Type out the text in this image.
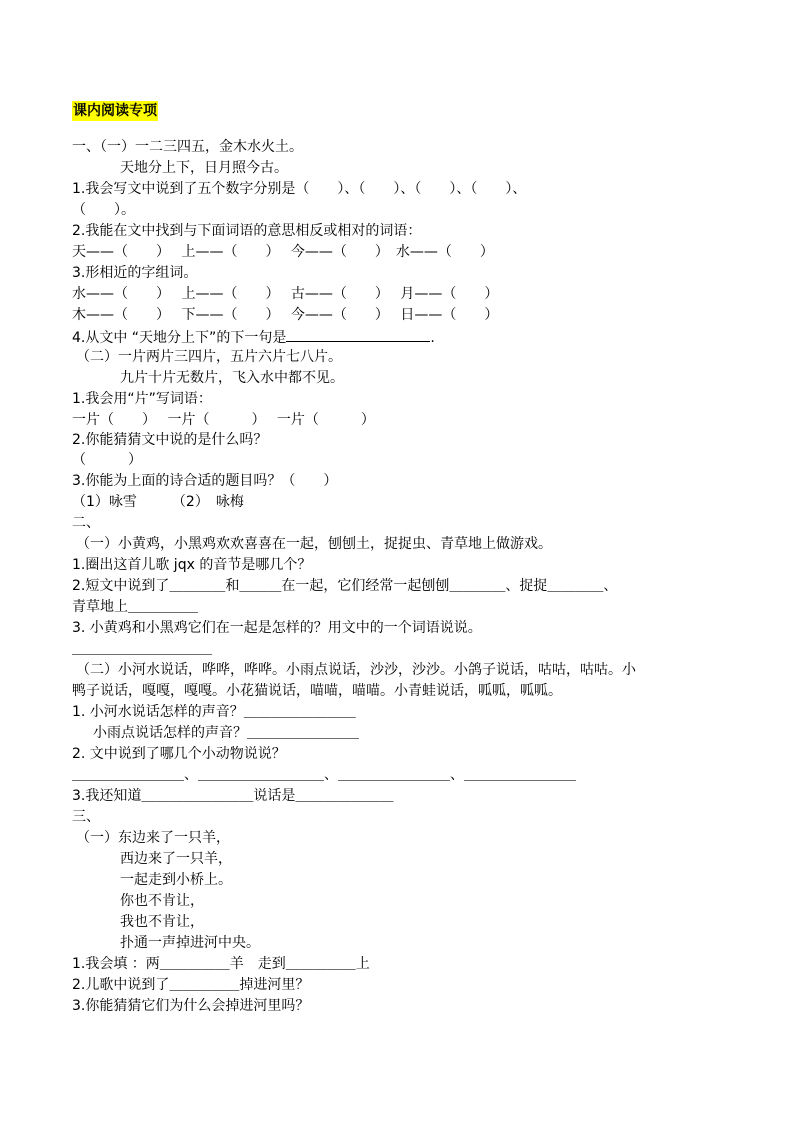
课内阅读专项
一、（一）一二三四五，金木水火土。
天地分上下，日月照今古。
1.我会写文中说到了五个数字分别是（　　）、（　　）、（　　）、（　　）、
（　　）。
2.我能在文中找到与下面词语的意思相反或相对的词语：
天——（　　）　 上——（　　）　 今——（　　）　水——（　　）
3.形相近的字组词。
水——（　　）　 上——（　　）　 古——（　　）　 月——（　　）
木——（　　）　 下——（　　）　 今——（　　）　 日——（　　）
4.从文中 “天地分上下”的下一句是	.
（二）一片两片三四片，五片六片七八片。
九片十片无数片，飞入水中都不见。
1.我会用“片”写词语：
一片（　　）　 一片（　　　）　 一片（　　　）
2.你能猜猜文中说的是什么吗？
（　　　）
3.你能为上面的诗合适的题目吗？（　　）
（1）咏雪　　　（2）　咏梅
二、
（一）小黄鸡，小黑鸡欢欢喜喜在一起，刨刨土，捉捉虫、青草地上做游戏。
1.圈出这首儿歌 jqx 的音节是哪几个？
2.短文中说到了＿＿＿＿和＿＿＿在一起，它们经常一起刨刨＿＿＿＿、捉捉＿＿＿＿、
青草地上＿＿＿＿＿
3. 小黄鸡和小黑鸡它们在一起是怎样的？用文中的一个词语说说。
＿＿＿＿＿＿＿＿＿＿
（二）小河水说话，哗哗，哗哗。小雨点说话，沙沙，沙沙。小鸽子说话，咕咕，咕咕。小
鸭子说话，嘎嘎，嘎嘎。小花猫说话，喵喵，喵喵。小青蛙说话，呱呱，呱呱。
1. 小河水说话怎样的声音？＿＿＿＿＿＿＿＿
小雨点说话怎样的声音？＿＿＿＿＿＿＿＿
2. 文中说到了哪几个小动物说说？
＿＿＿＿＿＿＿＿、＿＿＿＿＿＿＿＿＿、＿＿＿＿＿＿＿＿、＿＿＿＿＿＿＿＿
3.我还知道＿＿＿＿＿＿＿＿说话是＿＿＿＿＿＿＿
三、
（一）东边来了一只羊，
西边来了一只羊，
一起走到小桥上。
你也不肯让，
我也不肯让，
扑通一声掉进河中央。
1.我会填 ：两＿＿＿＿＿羊　走到＿＿＿＿＿上
2.儿歌中说到了＿＿＿＿＿掉进河里？
3.你能猜猜它们为什么会掉进河里吗？
